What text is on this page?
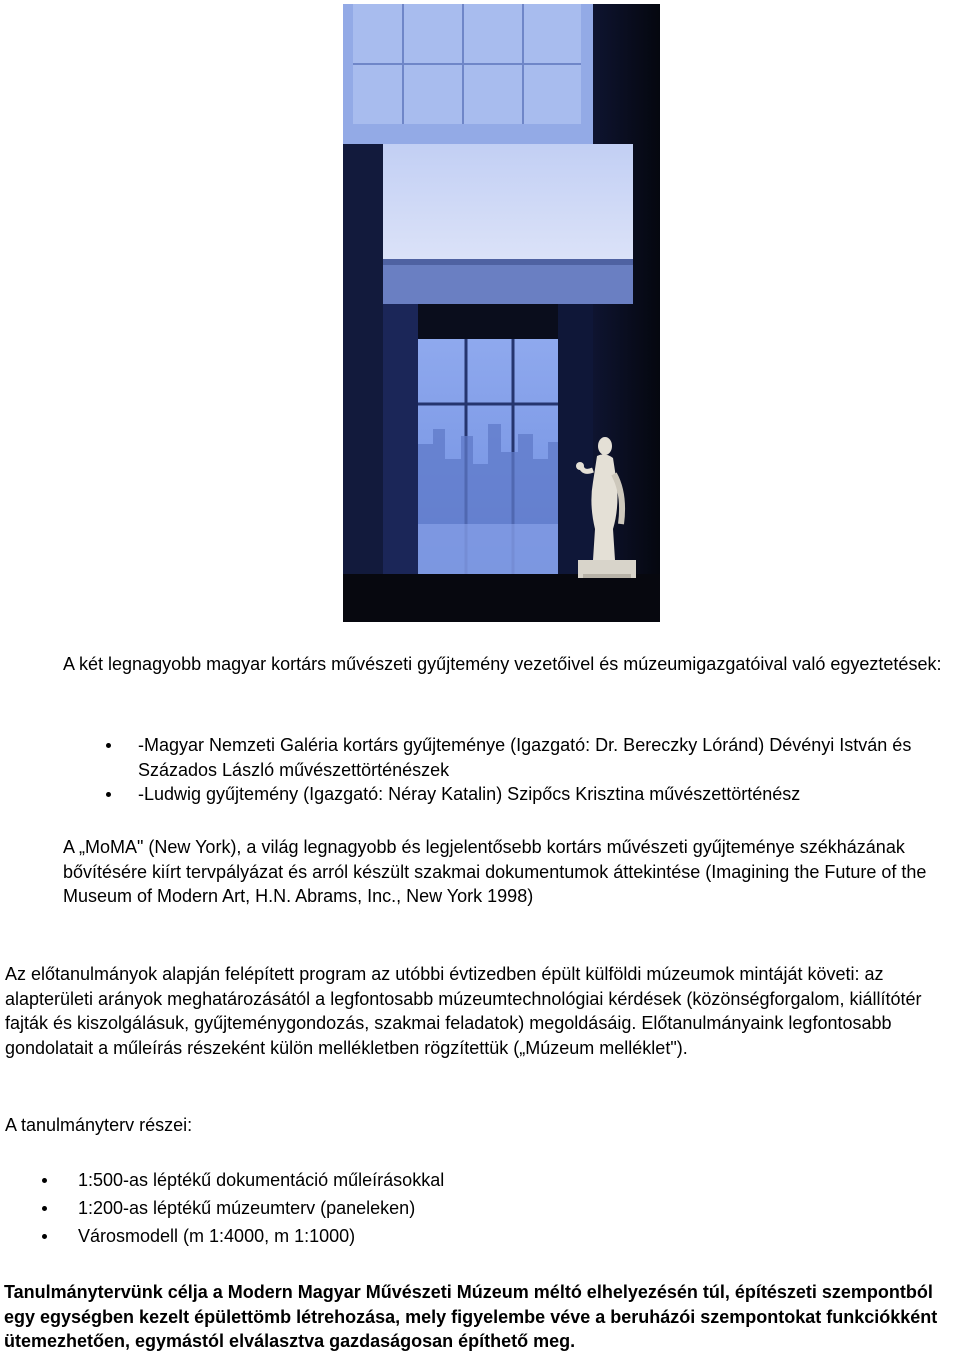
A két legnagyobb magyar kortárs művészeti gyűjtemény vezetőivel és múzeumigazgatóival való egyeztetések:

-Magyar Nemzeti Galéria kortárs gyűjteménye (Igazgató: Dr. Bereczky Lóránd) Dévényi István és Százados László művészettörténészek
-Ludwig gyűjtemény (Igazgató: Néray Katalin) Szipőcs Krisztina művészettörténész

A „MoMA" (New York), a világ legnagyobb és legjelentősebb kortárs művészeti gyűjteménye székházának bővítésére kiírt tervpályázat és arról készült szakmai dokumentumok áttekintése (Imagining the Future of the Museum of Modern Art, H.N. Abrams, Inc., New York 1998)

Az előtanulmányok alapján felépített program az utóbbi évtizedben épült külföldi múzeumok mintáját követi: az alapterületi arányok meghatározásától a legfontosabb múzeumtechnológiai kérdések (közönségforgalom, kiállítótér fajták és kiszolgálásuk, gyűjteménygondozás, szakmai feladatok) megoldásáig. Előtanulmányaink legfontosabb gondolatait a műleírás részeként külön mellékletben rögzítettük („Múzeum melléklet").

A tanulmányterv részei:

1:500-as léptékű dokumentáció műleírásokkal
1:200-as léptékű múzeumterv (paneleken)
Városmodell (m 1:4000, m 1:1000)

Tanulmánytervünk célja a Modern Magyar Művészeti Múzeum méltó elhelyezésén túl, építészeti szempontból egy egységben kezelt épülettömb létrehozása, mely figyelembe véve a beruházói szempontokat funkciókként ütemezhetően, egymástól elválasztva gazdaságosan építhető meg.
